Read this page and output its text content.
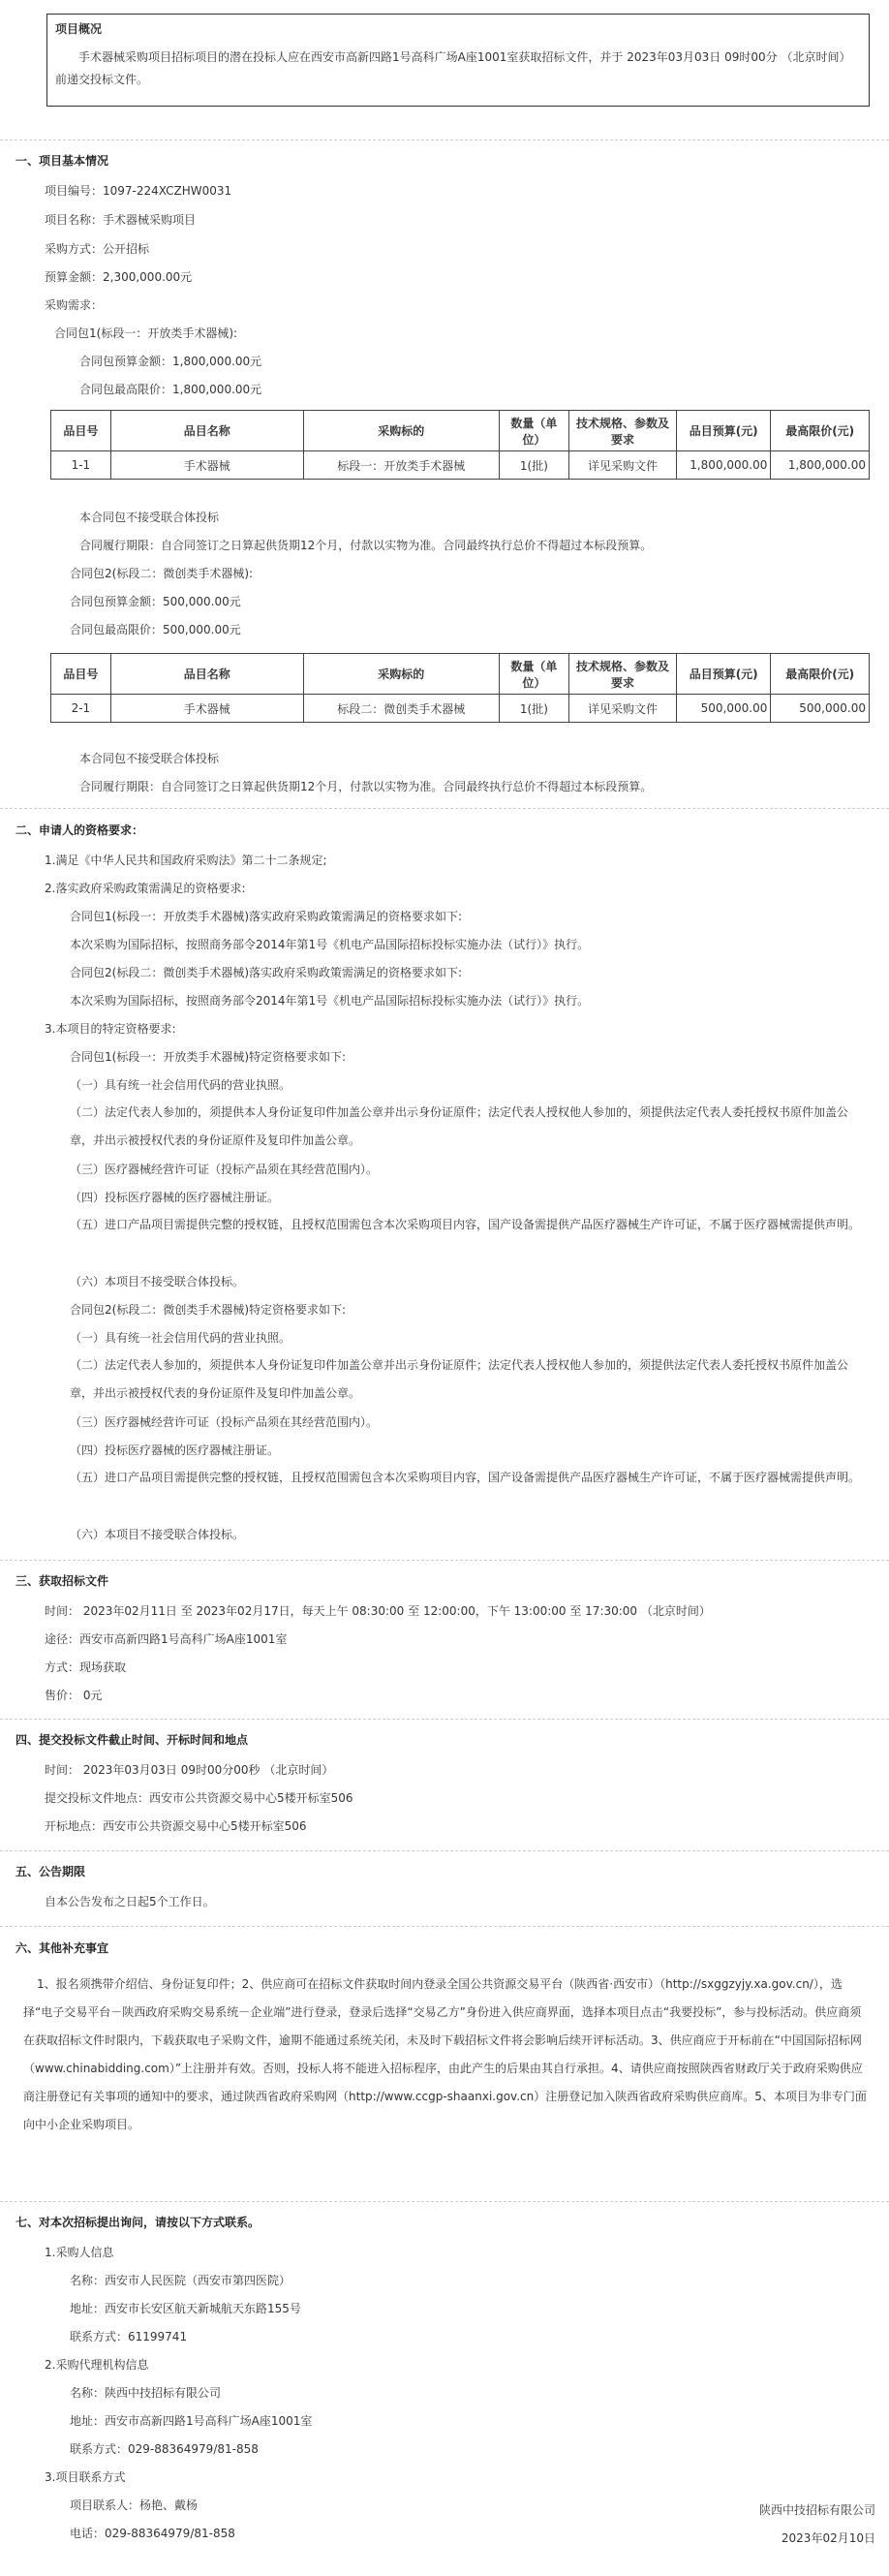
项目概况
手术器械采购项目招标项目的潜在投标人应在西安市高新四路1号高科广场A座1001室获取招标文件，并于 2023年03月03日 09时00分 （北京时间）前递交投标文件。
一、项目基本情况
项目编号：1097-224XCZHW0031
项目名称：手术器械采购项目
采购方式：公开招标
预算金额：2,300,000.00元
采购需求：
合同包1(标段一：开放类手术器械):
合同包预算金额：1,800,000.00元
合同包最高限价：1,800,000.00元
品目号	品目名称	采购标的	数量（单位）	技术规格、参数及要求	品目预算(元)	最高限价(元)
1-1	手术器械	标段一：开放类手术器械	1(批)	详见采购文件	1,800,000.00	1,800,000.00
本合同包不接受联合体投标
合同履行期限：自合同签订之日算起供货期12个月，付款以实物为准。合同最终执行总价不得超过本标段预算。
合同包2(标段二：微创类手术器械):
合同包预算金额：500,000.00元
合同包最高限价：500,000.00元
品目号	品目名称	采购标的	数量（单位）	技术规格、参数及要求	品目预算(元)	最高限价(元)
2-1	手术器械	标段二：微创类手术器械	1(批)	详见采购文件	500,000.00	500,000.00
本合同包不接受联合体投标
合同履行期限：自合同签订之日算起供货期12个月，付款以实物为准。合同最终执行总价不得超过本标段预算。
二、申请人的资格要求：
1.满足《中华人民共和国政府采购法》第二十二条规定;
2.落实政府采购政策需满足的资格要求:
合同包1(标段一：开放类手术器械)落实政府采购政策需满足的资格要求如下:
本次采购为国际招标，按照商务部令2014年第1号《机电产品国际招标投标实施办法（试行）》执行。
合同包2(标段二：微创类手术器械)落实政府采购政策需满足的资格要求如下:
本次采购为国际招标，按照商务部令2014年第1号《机电产品国际招标投标实施办法（试行）》执行。
3.本项目的特定资格要求:
合同包1(标段一：开放类手术器械)特定资格要求如下:
（一）具有统一社会信用代码的营业执照。
（二）法定代表人参加的，须提供本人身份证复印件加盖公章并出示身份证原件；法定代表人授权他人参加的，须提供法定代表人委托授权书原件加盖公章，并出示被授权代表的身份证原件及复印件加盖公章。
（三）医疗器械经营许可证（投标产品须在其经营范围内）。
（四）投标医疗器械的医疗器械注册证。
（五）进口产品项目需提供完整的授权链，且授权范围需包含本次采购项目内容，国产设备需提供产品医疗器械生产许可证，不属于医疗器械需提供声明。
（六）本项目不接受联合体投标。
合同包2(标段二：微创类手术器械)特定资格要求如下:
（一）具有统一社会信用代码的营业执照。
（二）法定代表人参加的，须提供本人身份证复印件加盖公章并出示身份证原件；法定代表人授权他人参加的，须提供法定代表人委托授权书原件加盖公章，并出示被授权代表的身份证原件及复印件加盖公章。
（三）医疗器械经营许可证（投标产品须在其经营范围内）。
（四）投标医疗器械的医疗器械注册证。
（五）进口产品项目需提供完整的授权链，且授权范围需包含本次采购项目内容，国产设备需提供产品医疗器械生产许可证，不属于医疗器械需提供声明。
（六）本项目不接受联合体投标。
三、获取招标文件
时间： 2023年02月11日 至 2023年02月17日，每天上午 08:30:00 至 12:00:00，下午 13:00:00 至 17:30:00 （北京时间）
途径：西安市高新四路1号高科广场A座1001室
方式：现场获取
售价： 0元
四、提交投标文件截止时间、开标时间和地点
时间： 2023年03月03日 09时00分00秒 （北京时间）
提交投标文件地点：西安市公共资源交易中心5楼开标室506
开标地点：西安市公共资源交易中心5楼开标室506
五、公告期限
自本公告发布之日起5个工作日。
六、其他补充事宜
1、报名须携带介绍信、身份证复印件；2、供应商可在招标文件获取时间内登录全国公共资源交易平台（陕西省·西安市）（http://sxggzyjy.xa.gov.cn/），选择“电子交易平台－陕西政府采购交易系统－企业端”进行登录，登录后选择“交易乙方”身份进入供应商界面，选择本项目点击“我要投标”，参与投标活动。供应商须在获取招标文件时限内，下载获取电子采购文件，逾期不能通过系统关闭，未及时下载招标文件将会影响后续开评标活动。3、供应商应于开标前在“中国国际招标网（www.chinabidding.com）”上注册并有效。否则，投标人将不能进入招标程序，由此产生的后果由其自行承担。4、请供应商按照陕西省财政厅关于政府采购供应商注册登记有关事项的通知中的要求，通过陕西省政府采购网（http://www.ccgp-shaanxi.gov.cn）注册登记加入陕西省政府采购供应商库。5、本项目为非专门面向中小企业采购项目。
七、对本次招标提出询问，请按以下方式联系。
1.采购人信息
名称：西安市人民医院（西安市第四医院）
地址：西安市长安区航天新城航天东路155号
联系方式：61199741
2.采购代理机构信息
名称：陕西中技招标有限公司
地址：西安市高新四路1号高科广场A座1001室
联系方式：029-88364979/81-858
3.项目联系方式
项目联系人：杨艳、戴杨
电话：029-88364979/81-858
陕西中技招标有限公司
2023年02月10日
